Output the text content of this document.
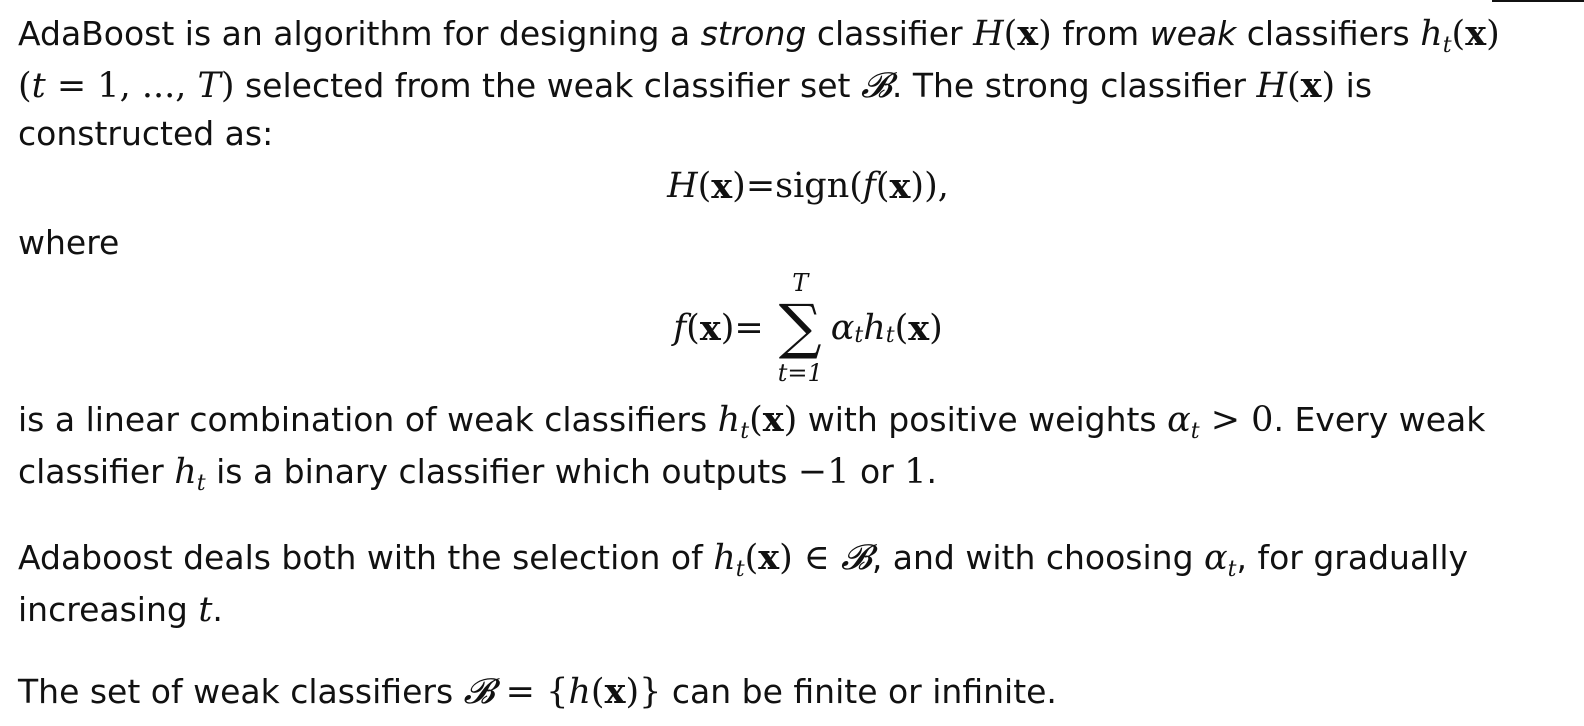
AdaBoost is an algorithm for designing a strong classifier H(x) from weak classifiers $h_t(x)$

(t = 1, ..., T) selected from the weak classifier set 𝓑. The strong classifier H(x) is

constructed as:

H ( x ) = sign ( f ( x ) ) ,

where

f ( x ) =
T
∑
t=1
α t h t ( x )

is a linear combination of weak classifiers $h_t(x)$ with positive weights $\alpha_t > 0$. Every weak

classifier $h_t$ is a binary classifier which outputs −1 or 1.

Adaboost deals both with the selection of $h_t(x)$ ∈ 𝓑, and with choosing $\alpha_t$, for gradually

increasing t.

The set of weak classifiers 𝓑 = {h(x)} can be finite or infinite.
